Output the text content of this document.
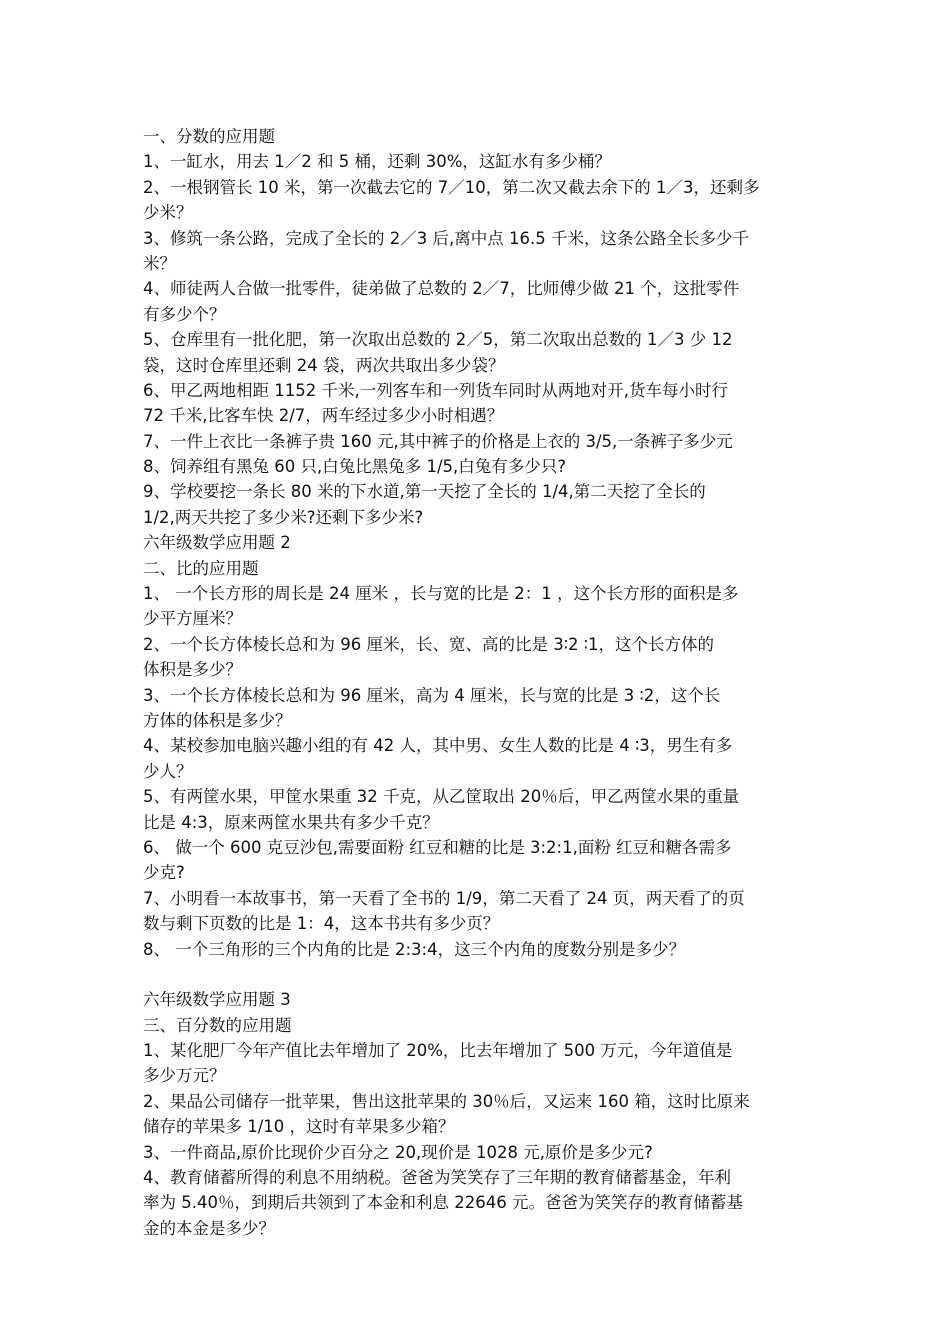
一、分数的应用题
1、一缸水，用去 1／2 和 5 桶，还剩 30%，这缸水有多少桶？
2、一根钢管长 10 米，第一次截去它的 7／10，第二次又截去余下的 1／3，还剩多
少米？
3、修筑一条公路，完成了全长的 2／3 后,离中点 16.5 千米，这条公路全长多少千
米？
4、师徒两人合做一批零件，徒弟做了总数的 2／7，比师傅少做 21 个，这批零件
有多少个？
5、仓库里有一批化肥，第一次取出总数的 2／5，第二次取出总数的 1／3 少 12
袋，这时仓库里还剩 24 袋，两次共取出多少袋？
6、甲乙两地相距 1152 千米,一列客车和一列货车同时从两地对开,货车每小时行
72 千米,比客车快 2/7，两车经过多少小时相遇？
7、一件上衣比一条裤子贵 160 元,其中裤子的价格是上衣的 3/5,一条裤子多少元
8、饲养组有黑兔 60 只,白兔比黑兔多 1/5,白兔有多少只?
9、学校要挖一条长 80 米的下水道,第一天挖了全长的 1/4,第二天挖了全长的
1/2,两天共挖了多少米?还剩下多少米?
六年级数学应用题 2
二、比的应用题
1、 一个长方形的周长是 24 厘米 ，长与宽的比是 2：1 ，这个长方形的面积是多
少平方厘米？
2、一个长方体棱长总和为 96 厘米，长、宽、高的比是 3∶2 ∶1，这个长方体的
体积是多少？
3、一个长方体棱长总和为 96 厘米，高为 4 厘米，长与宽的比是 3 ∶2，这个长
方体的体积是多少？
4、某校参加电脑兴趣小组的有 42 人，其中男、女生人数的比是 4 ∶3，男生有多
少人？
5、有两筐水果，甲筐水果重 32 千克，从乙筐取出 20％后，甲乙两筐水果的重量
比是 4:3，原来两筐水果共有多少千克？
6、 做一个 600 克豆沙包,需要面粉 红豆和糖的比是 3:2:1,面粉 红豆和糖各需多
少克?
7、小明看一本故事书，第一天看了全书的 1/9，第二天看了 24 页，两天看了的页
数与剩下页数的比是 1：4，这本书共有多少页？
8、 一个三角形的三个内角的比是 2:3:4，这三个内角的度数分别是多少？
六年级数学应用题 3
三、百分数的应用题
1、某化肥厂今年产值比去年增加了 20%，比去年增加了 500 万元，今年道值是
多少万元？
2、果品公司储存一批苹果，售出这批苹果的 30％后，又运来 160 箱，这时比原来
储存的苹果多 1/10 ，这时有苹果多少箱？
3、一件商品,原价比现价少百分之 20,现价是 1028 元,原价是多少元?
4、教育储蓄所得的利息不用纳税。爸爸为笑笑存了三年期的教育储蓄基金，年利
率为 5.40％，到期后共领到了本金和利息 22646 元。爸爸为笑笑存的教育储蓄基
金的本金是多少？
